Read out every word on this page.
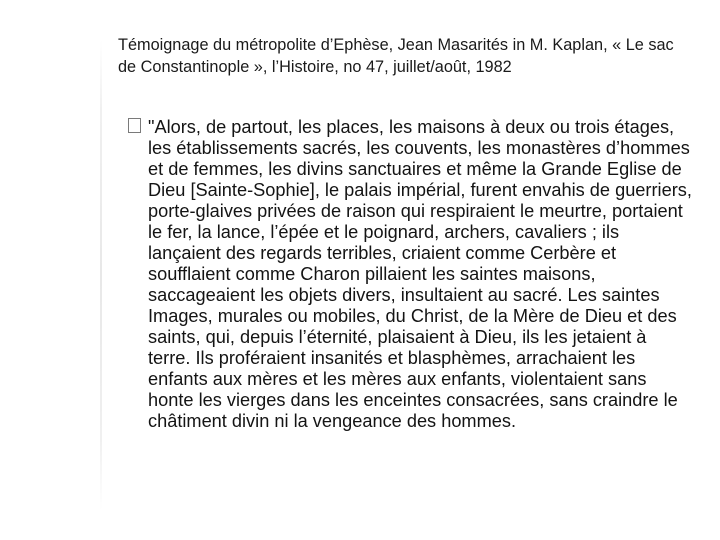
Témoignage du métropolite d’Ephèse, Jean Masarités in M. Kaplan, « Le sac de Constantinople », l’Histoire, no 47, juillet/août, 1982

"Alors, de partout, les places, les maisons à deux ou trois étages, les établissements sacrés, les couvents, les monastères d’hommes et de femmes, les divins sanctuaires et même la Grande Eglise de Dieu [Sainte-Sophie], le palais impérial, furent envahis de guerriers, porte-glaives privées de raison qui respiraient le meurtre, portaient le fer, la lance, l’épée et le poignard, archers, cavaliers ; ils lançaient des regards terribles, criaient comme Cerbère et soufflaient comme Charon pillaient les saintes maisons, saccageaient les objets divers, insultaient au sacré. Les saintes Images, murales ou mobiles, du Christ, de la Mère de Dieu et des saints, qui, depuis l’éternité, plaisaient à Dieu, ils les jetaient à terre. Ils proféraient insanités et blasphèmes, arrachaient les enfants aux mères et les mères aux enfants, violentaient sans honte les vierges dans les enceintes consacrées, sans craindre le châtiment divin ni la vengeance des hommes.
